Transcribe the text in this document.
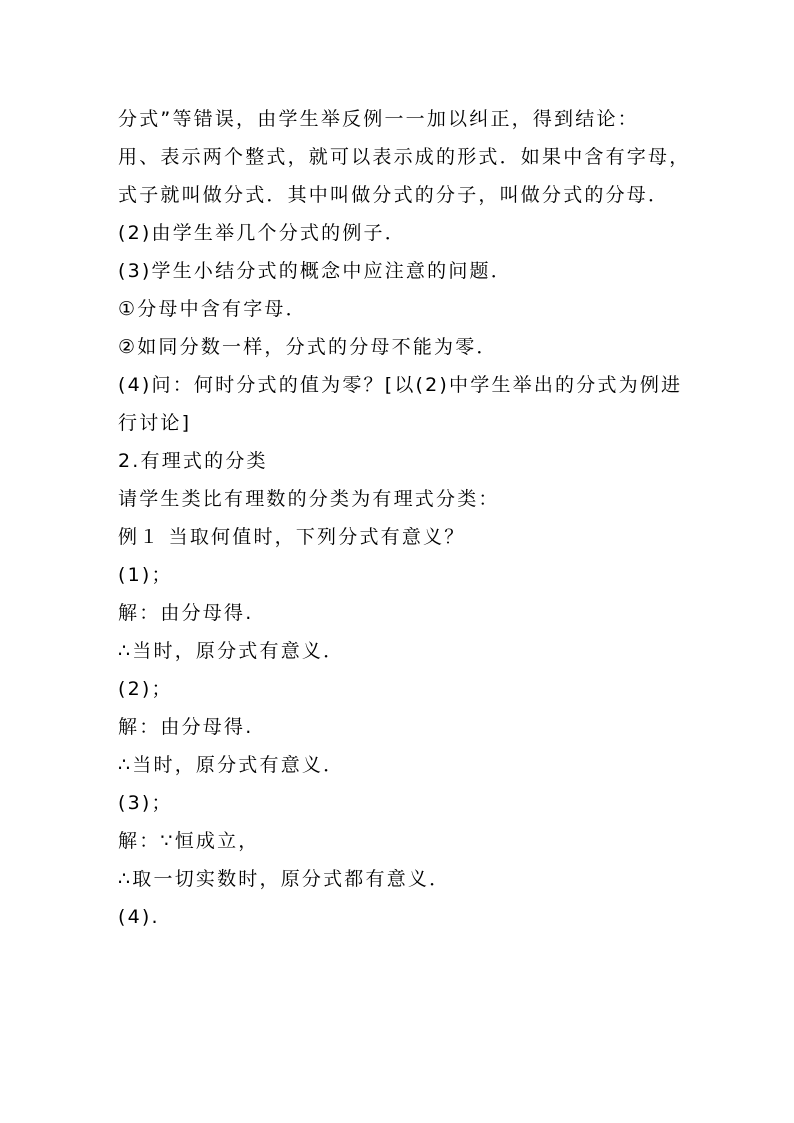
分式”等错误，由学生举反例一一加以纠正，得到结论：
用、表示两个整式，就可以表示成的形式．如果中含有字母，
式子就叫做分式．其中叫做分式的分子，叫做分式的分母．
(2)由学生举几个分式的例子．
(3)学生小结分式的概念中应注意的问题．
①分母中含有字母．
②如同分数一样，分式的分母不能为零．
(4)问：何时分式的值为零？[以(2)中学生举出的分式为例进
行讨论]
2.有理式的分类
请学生类比有理数的分类为有理式分类：
例１ 当取何值时，下列分式有意义？
(1)；
解：由分母得.
∴当时，原分式有意义．
(2)；
解：由分母得.
∴当时，原分式有意义．
(3)；
解：∵恒成立，
∴取一切实数时，原分式都有意义．
(4).
